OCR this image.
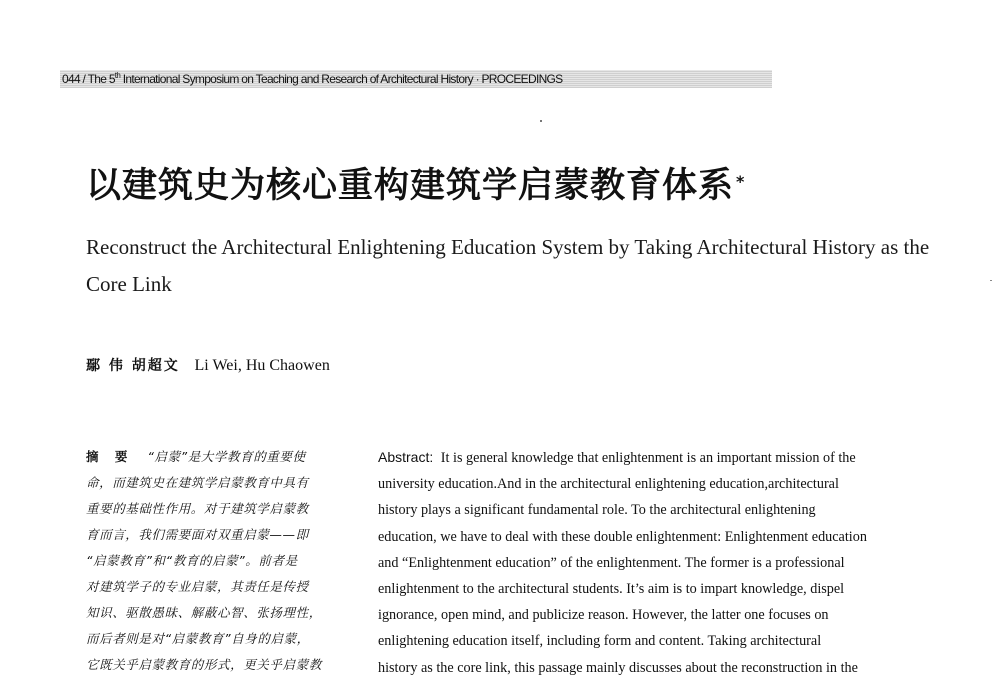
044 / The 5th International Symposium on Teaching and Research of Architectural History · PROCEEDINGS
以建筑史为核心重构建筑学启蒙教育体系 *
Reconstruct the Architectural Enlightening Education System by Taking Architectural History as the Core Link
鄢 伟 胡超文 Li Wei, Hu Chaowen
摘 要 “启蒙”是大学教育的重要使
命，而建筑史在建筑学启蒙教育中具有
重要的基础性作用。对于建筑学启蒙教
育而言，我们需要面对双重启蒙——即
“启蒙教育”和“教育的启蒙”。前者是
对建筑学子的专业启蒙，其责任是传授
知识、驱散愚昧、解蔽心智、张扬理性，
而后者则是对“启蒙教育”自身的启蒙，
它既关乎启蒙教育的形式，更关乎启蒙教
Abstract: It is general knowledge that enlightenment is an important mission of the
university education.And in the architectural enlightening education,architectural
history plays a significant fundamental role. To the architectural enlightening
education, we have to deal with these double enlightenment: Enlightenment education
and “Enlightenment education” of the enlightenment. The former is a professional
enlightenment to the architectural students. It’s aim is to impart knowledge, dispel
ignorance, open mind, and publicize reason. However, the latter one focuses on
enlightening education itself, including form and content. Taking architectural
history as the core link, this passage mainly discusses about the reconstruction in the
